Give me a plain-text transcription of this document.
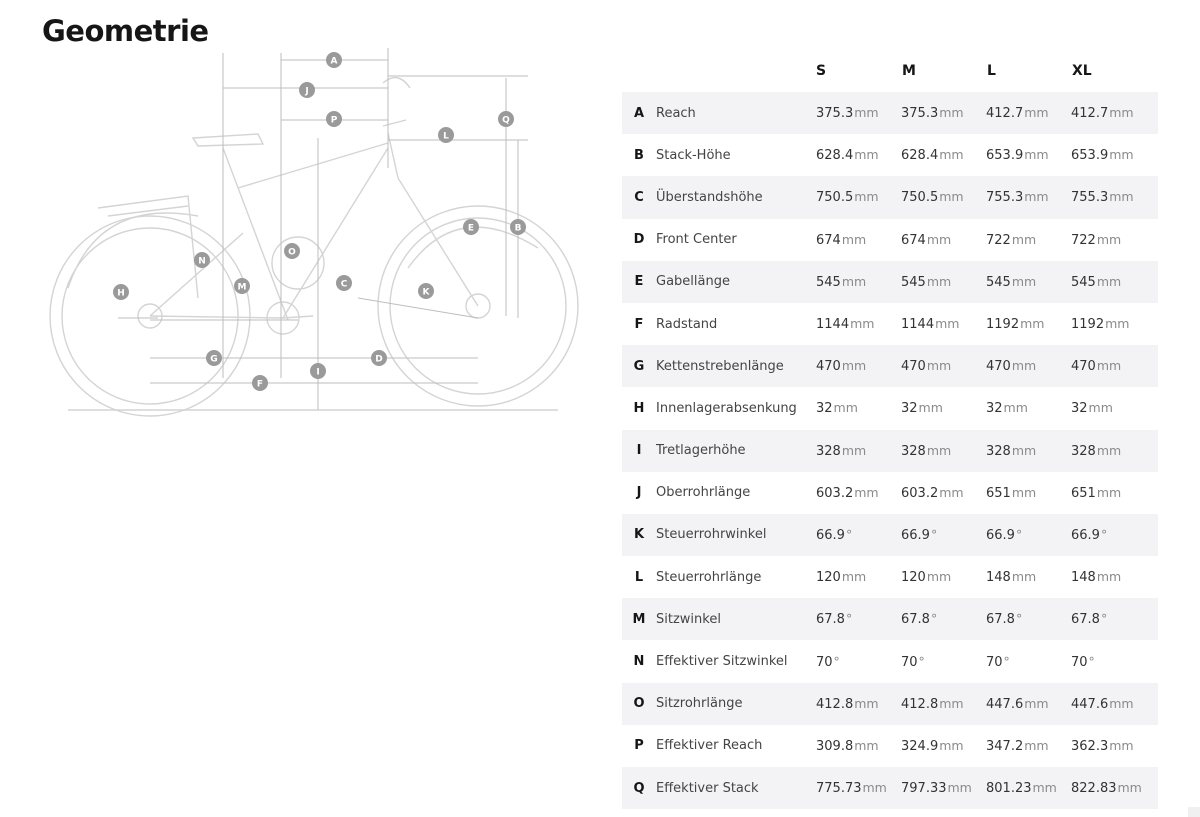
Geometrie
A
J
P	Q
L
B
E
O
N
C
K
M
H
G	D
I
F
S	M	L	XL
A Reach	375.3mm	375.3mm	412.7mm	412.7mm
B Stack-Höhe	628.4mm	628.4mm	653.9mm	653.9mm
C Überstandshöhe	750.5mm	750.5mm	755.3mm	755.3mm
D Front Center	674mm	674mm	722mm	722mm
E Gabellänge	545mm	545mm	545mm	545mm
F Radstand	1144mm	1144mm	1192mm	1192mm
G Kettenstrebenlänge	470mm	470mm	470mm	470mm
H Innenlagerabsenkung	32mm	32mm	32mm	32mm
I	Tretlagerhöhe	328mm	328mm	328mm	328mm
J	Oberrohrlänge	603.2mm	603.2mm	651mm	651mm
K Steuerrohrwinkel	66.9°	66.9°	66.9°	66.9°
L Steuerrohrlänge	120mm	120mm	148mm	148mm
M Sitzwinkel	67.8°	67.8°	67.8°	67.8°
N Effektiver Sitzwinkel	70°	70°	70°	70°
O Sitzrohrlänge	412.8mm	412.8mm	447.6mm	447.6mm
P Effektiver Reach	309.8mm	324.9mm	347.2mm	362.3mm
Q Effektiver Stack	775.73mm	797.33mm	801.23mm	822.83mm
